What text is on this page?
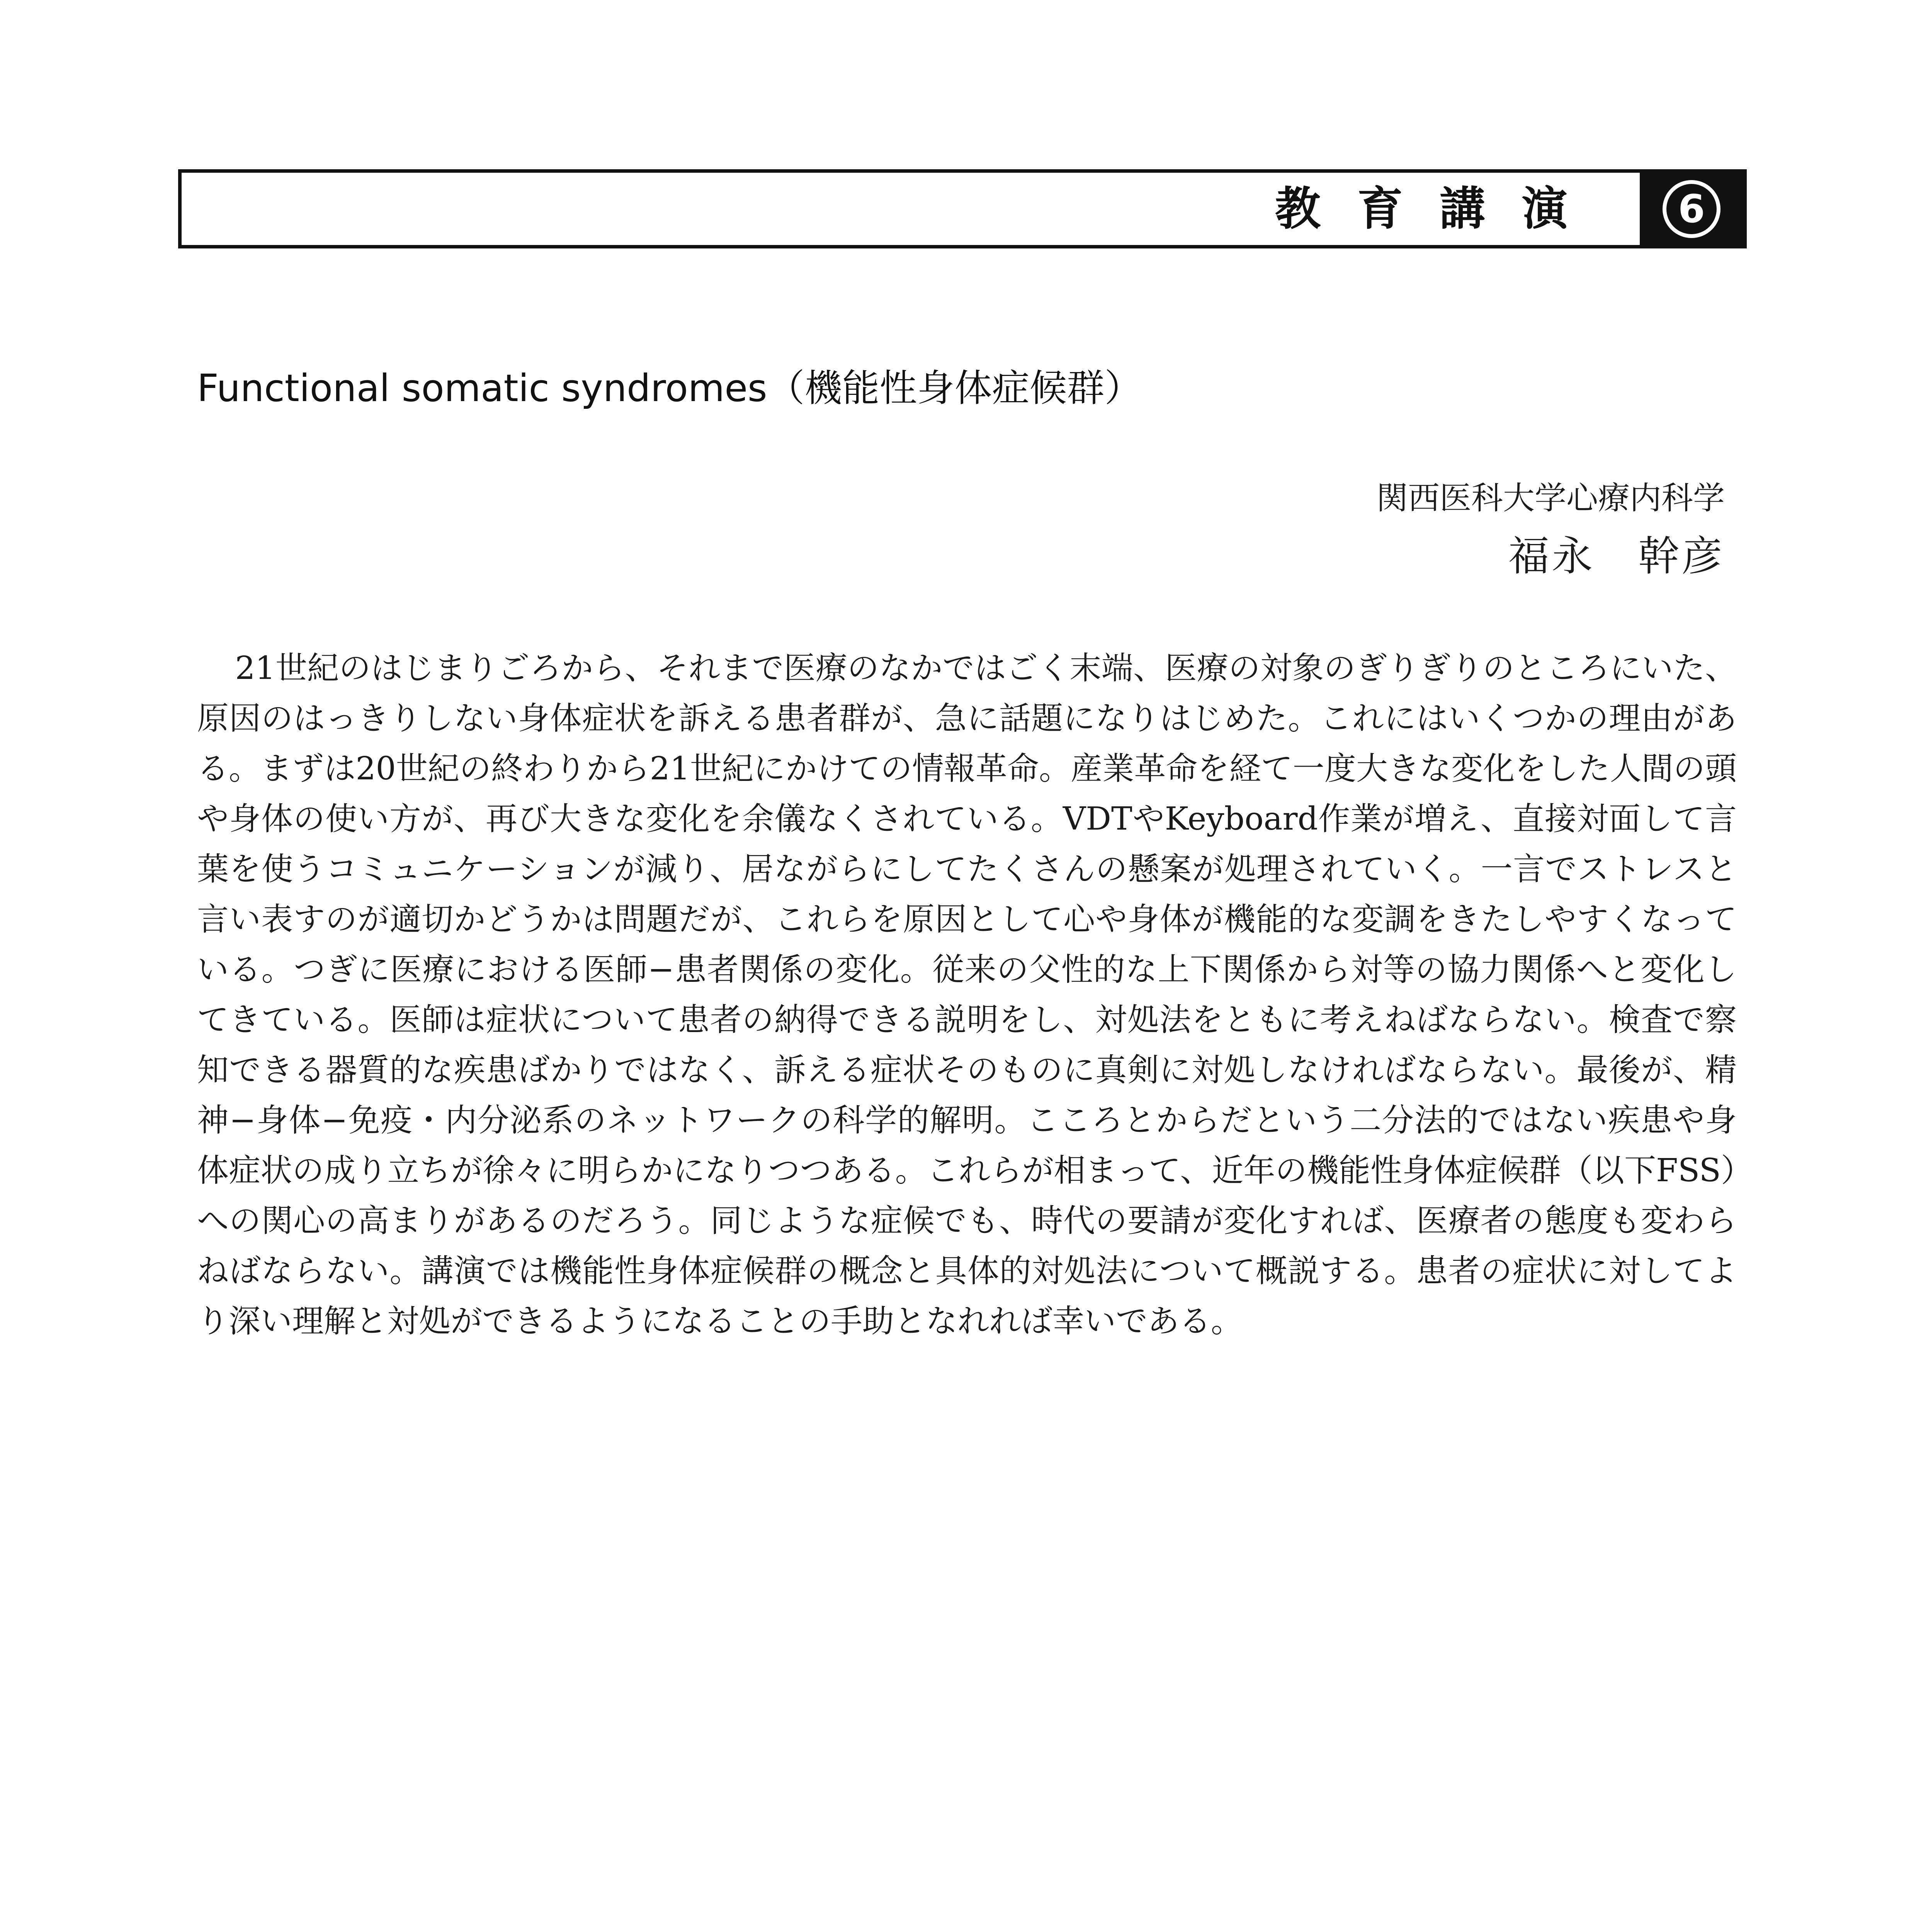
教育講演	6
Functional somatic syndromes（機能性身体症候群）
関西医科大学心療内科学
福永　幹彦

21世紀のはじまりごろから、それまで医療のなかではごく末端、医療の対象のぎりぎりのところにいた、原因のはっきりしない身体症状を訴える患者群が、急に話題になりはじめた。これにはいくつかの理由がある。まずは20世紀の終わりから21世紀にかけての情報革命。産業革命を経て一度大きな変化をした人間の頭や身体の使い方が、再び大きな変化を余儀なくされている。VDTやKeyboard作業が増え、直接対面して言葉を使うコミュニケーションが減り、居ながらにしてたくさんの懸案が処理されていく。一言でストレスと言い表すのが適切かどうかは問題だが、これらを原因として心や身体が機能的な変調をきたしやすくなっている。つぎに医療における医師−患者関係の変化。従来の父性的な上下関係から対等の協力関係へと変化してきている。医師は症状について患者の納得できる説明をし、対処法をともに考えねばならない。検査で察知できる器質的な疾患ばかりではなく、訴える症状そのものに真剣に対処しなければならない。最後が、精神−身体−免疫・内分泌系のネットワークの科学的解明。こころとからだという二分法的ではない疾患や身体症状の成り立ちが徐々に明らかになりつつある。これらが相まって、近年の機能性身体症候群（以下FSS）への関心の高まりがあるのだろう。同じような症候でも、時代の要請が変化すれば、医療者の態度も変わらねばならない。講演では機能性身体症候群の概念と具体的対処法について概説する。患者の症状に対してより深い理解と対処ができるようになることの手助となれれば幸いである。
